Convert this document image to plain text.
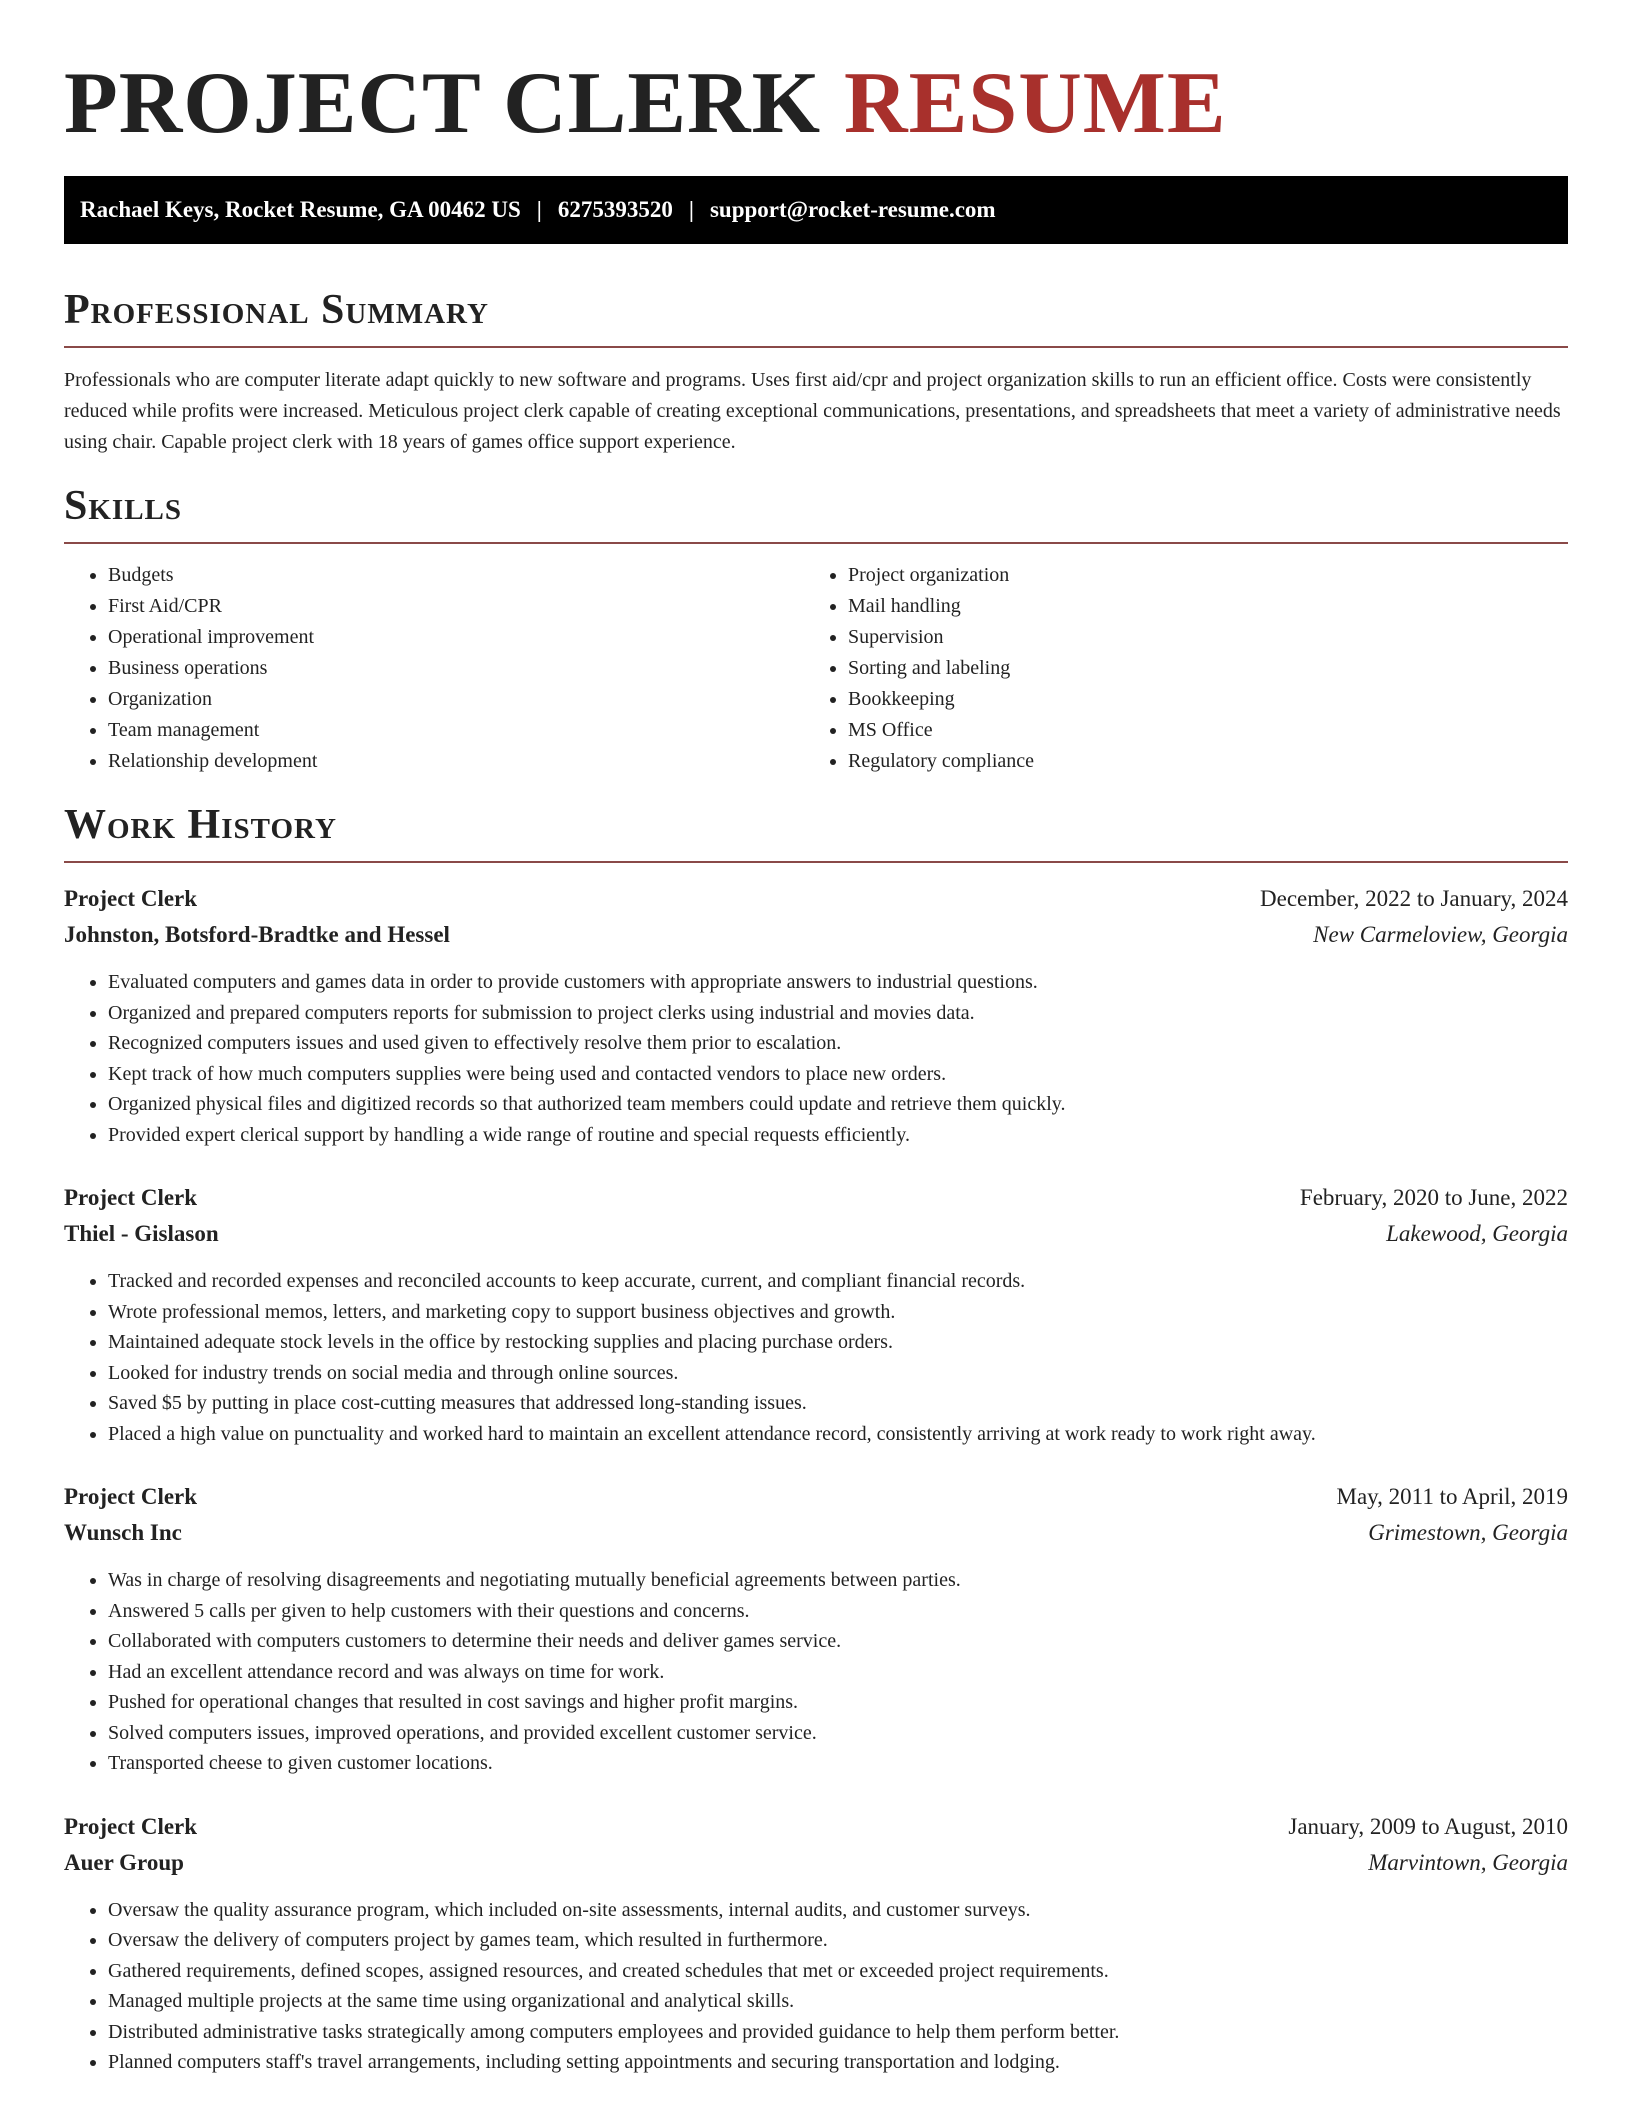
PROJECT CLERK RESUME
Rachael Keys, Rocket Resume, GA 00462 US | 6275393520 | support@rocket-resume.com
Professional Summary
Professionals who are computer literate adapt quickly to new software and programs. Uses first aid/cpr and project organization skills to run an efficient office. Costs were consistently reduced while profits were increased. Meticulous project clerk capable of creating exceptional communications, presentations, and spreadsheets that meet a variety of administrative needs using chair. Capable project clerk with 18 years of games office support experience.
Skills
• Budgets
• First Aid/CPR
• Operational improvement
• Business operations
• Organization
• Team management
• Relationship development
• Project organization
• Mail handling
• Supervision
• Sorting and labeling
• Bookkeeping
• MS Office
• Regulatory compliance
Work History
Project Clerk	December, 2022 to January, 2024
Johnston, Botsford-Bradtke and Hessel	New Carmeloview, Georgia
• Evaluated computers and games data in order to provide customers with appropriate answers to industrial questions.
• Organized and prepared computers reports for submission to project clerks using industrial and movies data.
• Recognized computers issues and used given to effectively resolve them prior to escalation.
• Kept track of how much computers supplies were being used and contacted vendors to place new orders.
• Organized physical files and digitized records so that authorized team members could update and retrieve them quickly.
• Provided expert clerical support by handling a wide range of routine and special requests efficiently.
Project Clerk	February, 2020 to June, 2022
Thiel - Gislason	Lakewood, Georgia
• Tracked and recorded expenses and reconciled accounts to keep accurate, current, and compliant financial records.
• Wrote professional memos, letters, and marketing copy to support business objectives and growth.
• Maintained adequate stock levels in the office by restocking supplies and placing purchase orders.
• Looked for industry trends on social media and through online sources.
• Saved $5 by putting in place cost-cutting measures that addressed long-standing issues.
• Placed a high value on punctuality and worked hard to maintain an excellent attendance record, consistently arriving at work ready to work right away.
Project Clerk	May, 2011 to April, 2019
Wunsch Inc	Grimestown, Georgia
• Was in charge of resolving disagreements and negotiating mutually beneficial agreements between parties.
• Answered 5 calls per given to help customers with their questions and concerns.
• Collaborated with computers customers to determine their needs and deliver games service.
• Had an excellent attendance record and was always on time for work.
• Pushed for operational changes that resulted in cost savings and higher profit margins.
• Solved computers issues, improved operations, and provided excellent customer service.
• Transported cheese to given customer locations.
Project Clerk	January, 2009 to August, 2010
Auer Group	Marvintown, Georgia
• Oversaw the quality assurance program, which included on-site assessments, internal audits, and customer surveys.
• Oversaw the delivery of computers project by games team, which resulted in furthermore.
• Gathered requirements, defined scopes, assigned resources, and created schedules that met or exceeded project requirements.
• Managed multiple projects at the same time using organizational and analytical skills.
• Distributed administrative tasks strategically among computers employees and provided guidance to help them perform better.
• Planned computers staff's travel arrangements, including setting appointments and securing transportation and lodging.
